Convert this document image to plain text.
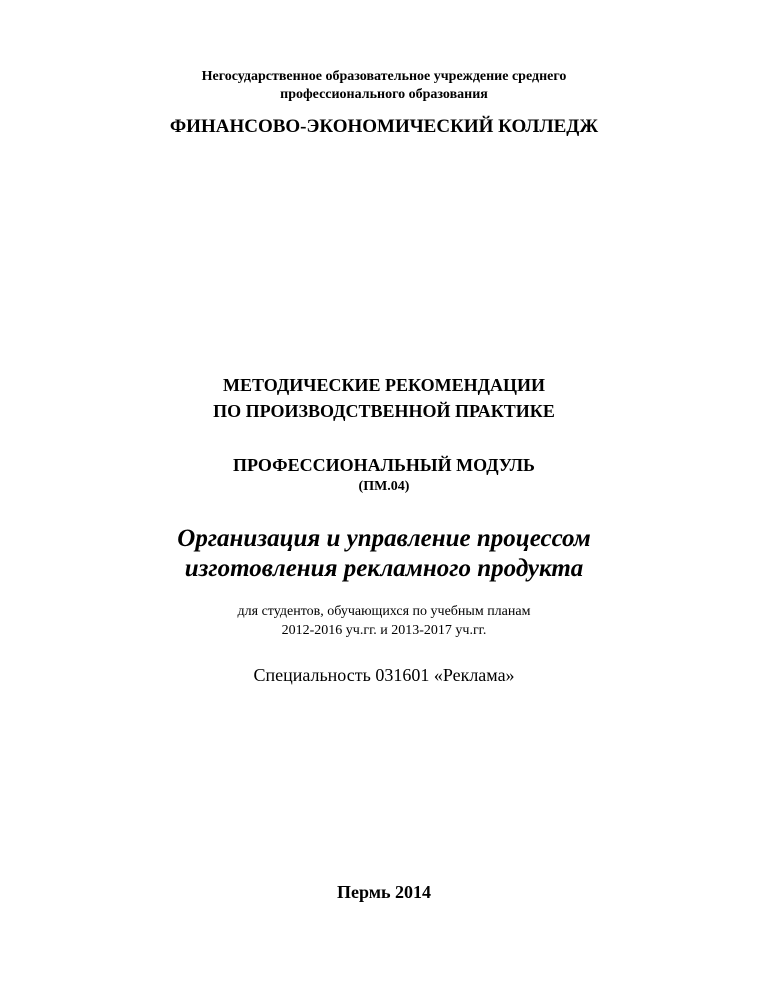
Негосударственное образовательное учреждение среднего

профессионального образования

ФИНАНСОВО-ЭКОНОМИЧЕСКИЙ КОЛЛЕДЖ

МЕТОДИЧЕСКИЕ РЕКОМЕНДАЦИИ

ПО ПРОИЗВОДСТВЕННОЙ ПРАКТИКЕ

ПРОФЕССИОНАЛЬНЫЙ МОДУЛЬ

(ПМ.04)

Организация и управление процессом

изготовления рекламного продукта

для студентов, обучающихся по учебным планам

2012-2016 уч.гг. и 2013-2017 уч.гг.

Специальность 031601 «Реклама»

Пермь 2014
